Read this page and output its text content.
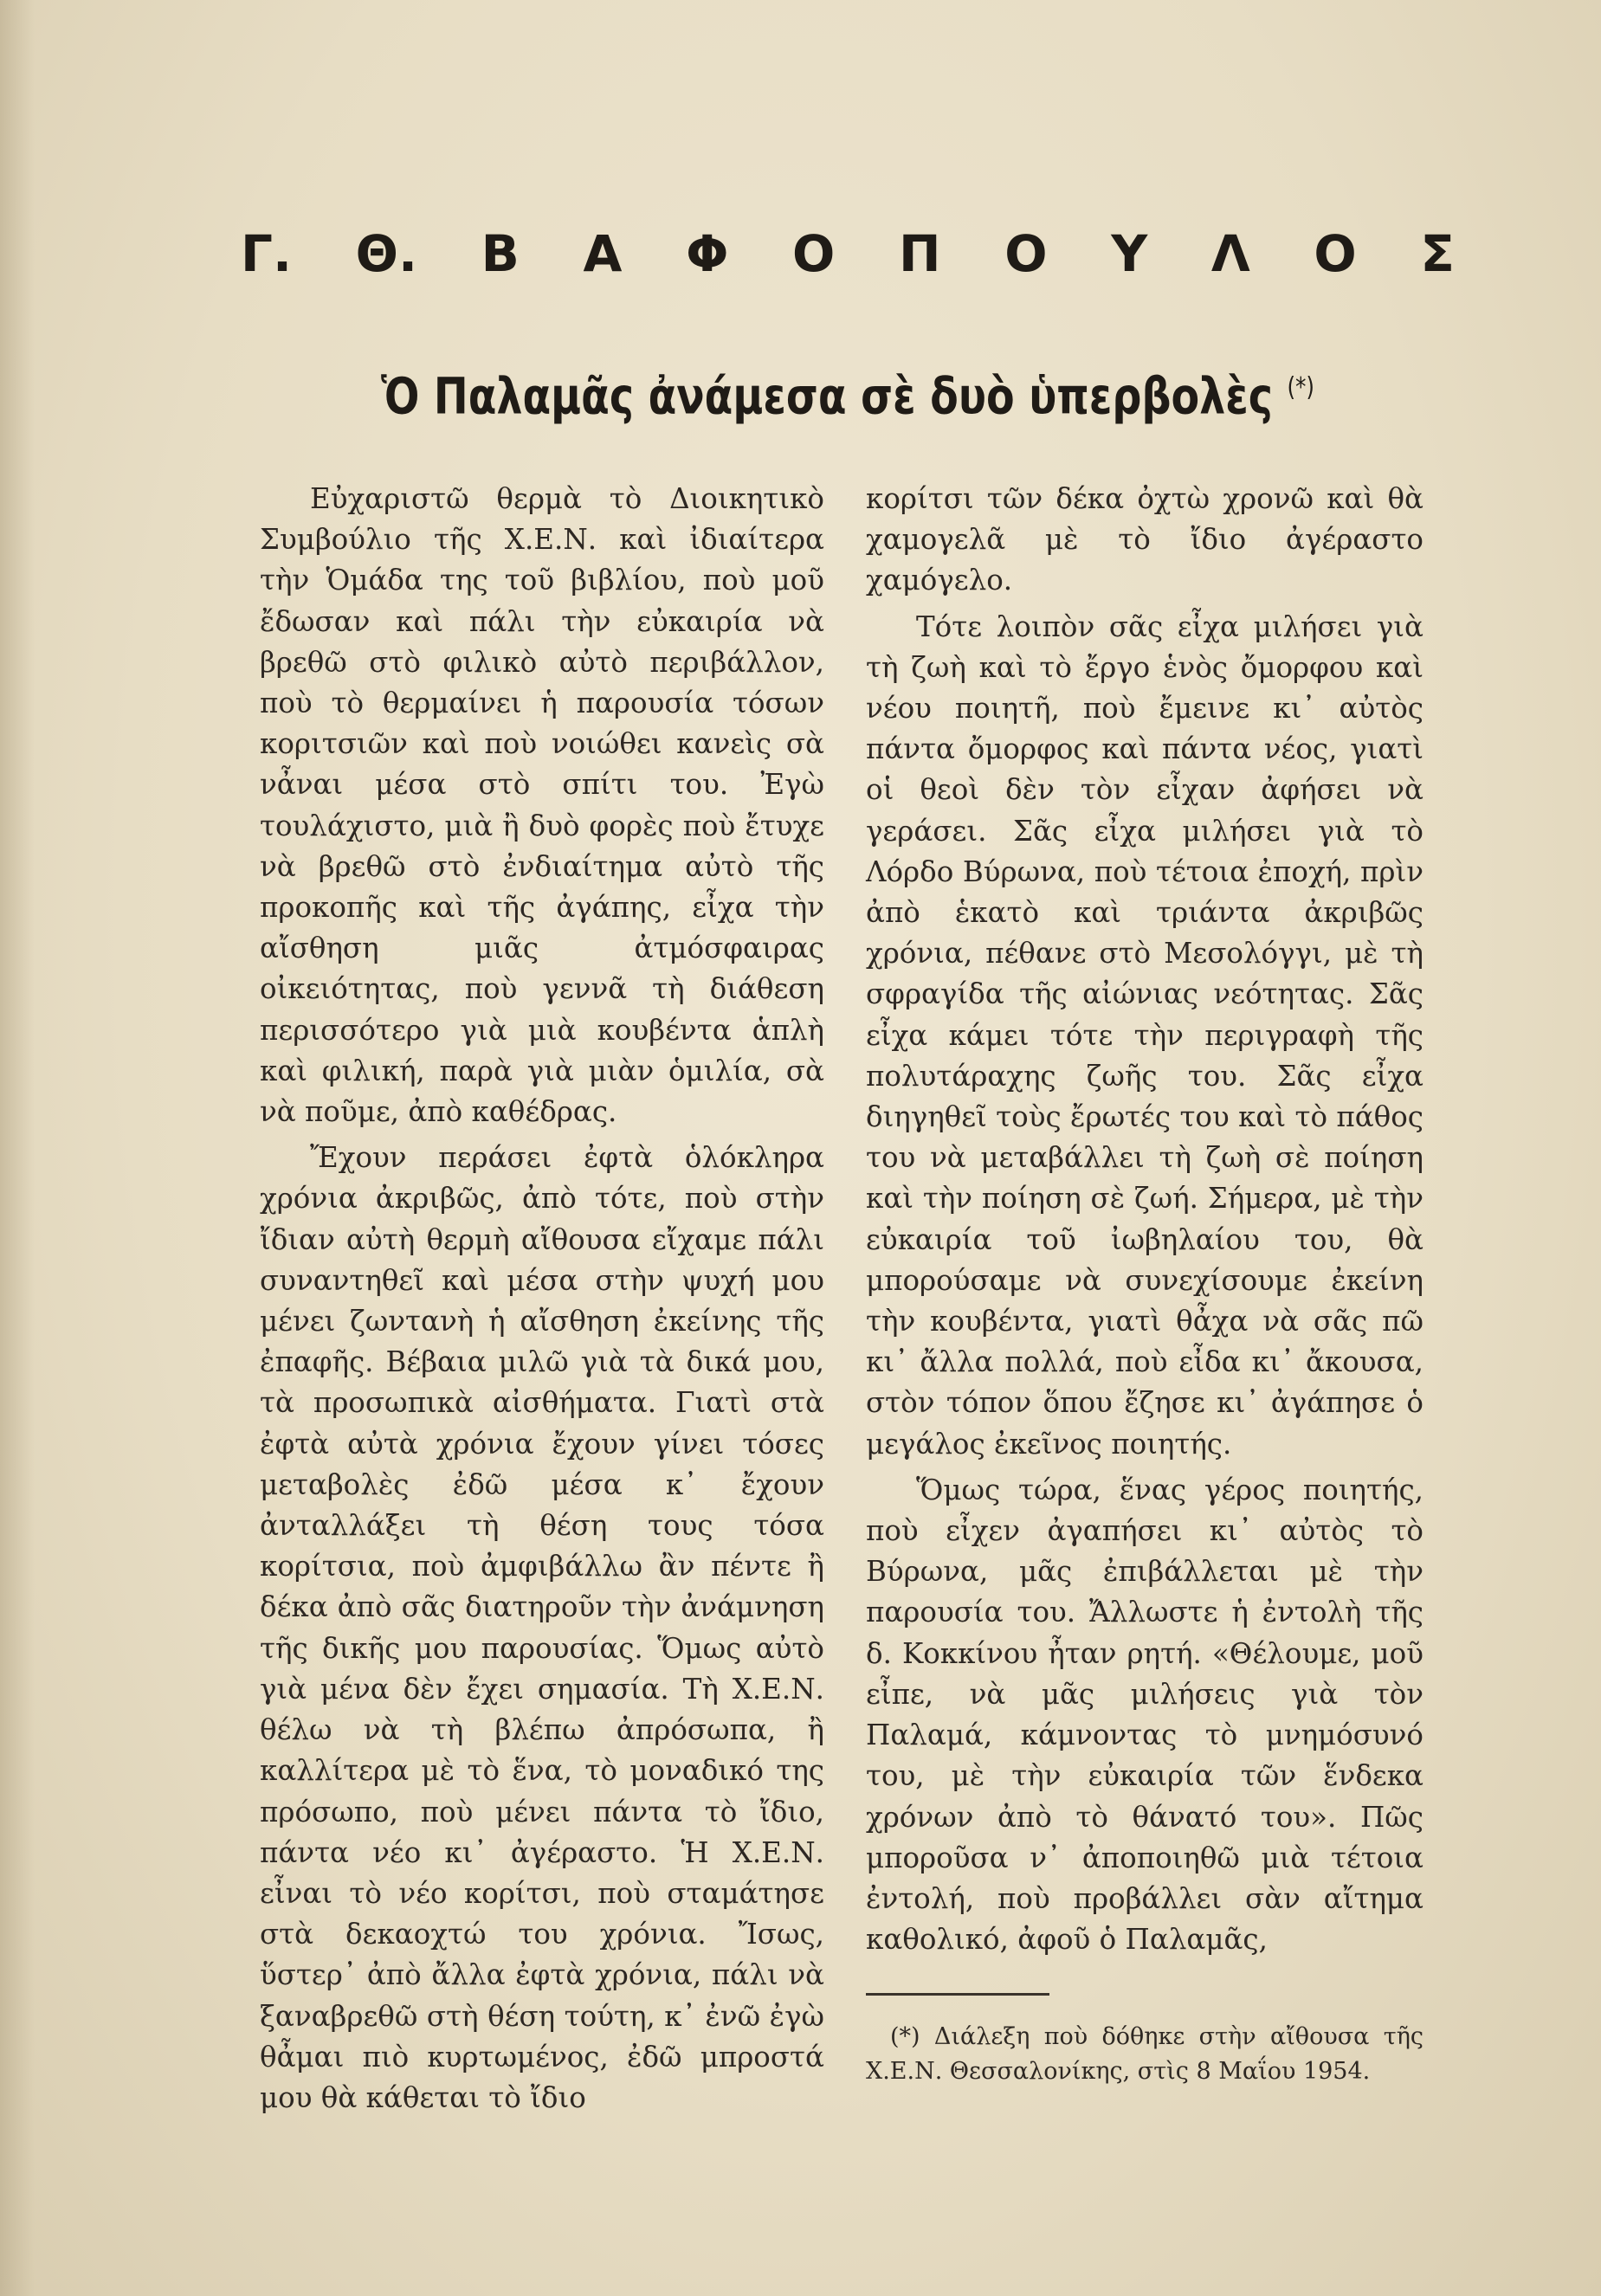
Γ. Θ. Β Α Φ Ο Π Ο Υ Λ Ο Σ
Ὁ Παλαμᾶς ἀνάμεσα σὲ δυὸ ὑπερβολὲς (*)

Εὐχαριστῶ θερμὰ τὸ Διοικητικὸ Συμβούλιο τῆς Χ.Ε.Ν. καὶ ἰδιαίτερα τὴν Ὁμάδα της τοῦ βιβλίου, ποὺ μοῦ ἔδωσαν καὶ πάλι τὴν εὐκαιρία νὰ βρεθῶ στὸ φιλικὸ αὐτὸ περιβάλλον, ποὺ τὸ θερμαίνει ἡ παρουσία τόσων κοριτσιῶν καὶ ποὺ νοιώθει κανεὶς σὰ νἆναι μέσα στὸ σπίτι του. Ἐγὼ τουλάχιστο, μιὰ ἢ δυὸ φορὲς ποὺ ἔτυχε νὰ βρεθῶ στὸ ἐνδιαίτημα αὐτὸ τῆς προκοπῆς καὶ τῆς ἀγάπης, εἶχα τὴν αἴσθηση μιᾶς ἀτμόσφαιρας οἰκειότητας, ποὺ γεννᾶ τὴ διάθεση περισσότερο γιὰ μιὰ κουβέντα ἁπλὴ καὶ φιλική, παρὰ γιὰ μιὰν ὁμιλία, σὰ νὰ ποῦμε, ἀπὸ καθέδρας.

Ἔχουν περάσει ἐφτὰ ὁλόκληρα χρόνια ἀκριβῶς, ἀπὸ τότε, ποὺ στὴν ἴδιαν αὐτὴ θερμὴ αἴθουσα εἴχαμε πάλι συναντηθεῖ καὶ μέσα στὴν ψυχή μου μένει ζωντανὴ ἡ αἴσθηση ἐκείνης τῆς ἐπαφῆς. Βέβαια μιλῶ γιὰ τὰ δικά μου, τὰ προσωπικὰ αἰσθήματα. Γιατὶ στὰ ἐφτὰ αὐτὰ χρόνια ἔχουν γίνει τόσες μεταβολὲς ἐδῶ μέσα κ᾿ ἔχουν ἀνταλλάξει τὴ θέση τους τόσα κορίτσια, ποὺ ἀμφιβάλλω ἂν πέντε ἢ δέκα ἀπὸ σᾶς διατηροῦν τὴν ἀνάμνηση τῆς δικῆς μου παρουσίας. Ὅμως αὐτὸ γιὰ μένα δὲν ἔχει σημασία. Τὴ Χ.Ε.Ν. θέλω νὰ τὴ βλέπω ἀπρόσωπα, ἢ καλλίτερα μὲ τὸ ἕνα, τὸ μοναδικό της πρόσωπο, ποὺ μένει πάντα τὸ ἴδιο, πάντα νέο κι᾿ ἀγέραστο. Ἡ Χ.Ε.Ν. εἶναι τὸ νέο κορίτσι, ποὺ σταμάτησε στὰ δεκαοχτώ του χρόνια. Ἴσως, ὕστερ᾿ ἀπὸ ἄλλα ἐφτὰ χρόνια, πάλι νὰ ξαναβρεθῶ στὴ θέση τούτη, κ᾿ ἐνῶ ἐγὼ θἆμαι πιὸ κυρτωμένος, ἐδῶ μπροστά μου θὰ κάθεται τὸ ἴδιο

κορίτσι τῶν δέκα ὀχτὼ χρονῶ καὶ θὰ χαμογελᾶ μὲ τὸ ἴδιο ἀγέραστο χαμόγελο.

Τότε λοιπὸν σᾶς εἶχα μιλήσει γιὰ τὴ ζωὴ καὶ τὸ ἔργο ἑνὸς ὄμορφου καὶ νέου ποιητῆ, ποὺ ἔμεινε κι᾿ αὐτὸς πάντα ὄμορφος καὶ πάντα νέος, γιατὶ οἱ θεοὶ δὲν τὸν εἶχαν ἀφήσει νὰ γεράσει. Σᾶς εἶχα μιλήσει γιὰ τὸ Λόρδο Βύρωνα, ποὺ τέτοια ἐποχή, πρὶν ἀπὸ ἑκατὸ καὶ τριάντα ἀκριβῶς χρόνια, πέθανε στὸ Μεσολόγγι, μὲ τὴ σφραγίδα τῆς αἰώνιας νεότητας. Σᾶς εἶχα κάμει τότε τὴν περιγραφὴ τῆς πολυτάραχης ζωῆς του. Σᾶς εἶχα διηγηθεῖ τοὺς ἔρωτές του καὶ τὸ πάθος του νὰ μεταβάλλει τὴ ζωὴ σὲ ποίηση καὶ τὴν ποίηση σὲ ζωή. Σήμερα, μὲ τὴν εὐκαιρία τοῦ ἰωβηλαίου του, θὰ μπορούσαμε νὰ συνεχίσουμε ἐκείνη τὴν κουβέντα, γιατὶ θἆχα νὰ σᾶς πῶ κι᾿ ἄλλα πολλά, ποὺ εἶδα κι᾿ ἄκουσα, στὸν τόπον ὅπου ἔζησε κι᾿ ἀγάπησε ὁ μεγάλος ἐκεῖνος ποιητής.

Ὅμως τώρα, ἕνας γέρος ποιητής, ποὺ εἶχεν ἀγαπήσει κι᾿ αὐτὸς τὸ Βύρωνα, μᾶς ἐπιβάλλεται μὲ τὴν παρουσία του. Ἄλλωστε ἡ ἐντολὴ τῆς δ. Κοκκίνου ἦταν ρητή. «Θέλουμε, μοῦ εἶπε, νὰ μᾶς μιλήσεις γιὰ τὸν Παλαμά, κάμνοντας τὸ μνημόσυνό του, μὲ τὴν εὐκαιρία τῶν ἕνδεκα χρόνων ἀπὸ τὸ θάνατό του». Πῶς μποροῦσα ν᾿ ἀποποιηθῶ μιὰ τέτοια ἐντολή, ποὺ προβάλλει σὰν αἴτημα καθολικό, ἀφοῦ ὁ Παλαμᾶς,

(*) Διάλεξη ποὺ δόθηκε στὴν αἴθουσα τῆς Χ.Ε.Ν. Θεσσαλονίκης, στὶς 8 Μαΐου 1954.
